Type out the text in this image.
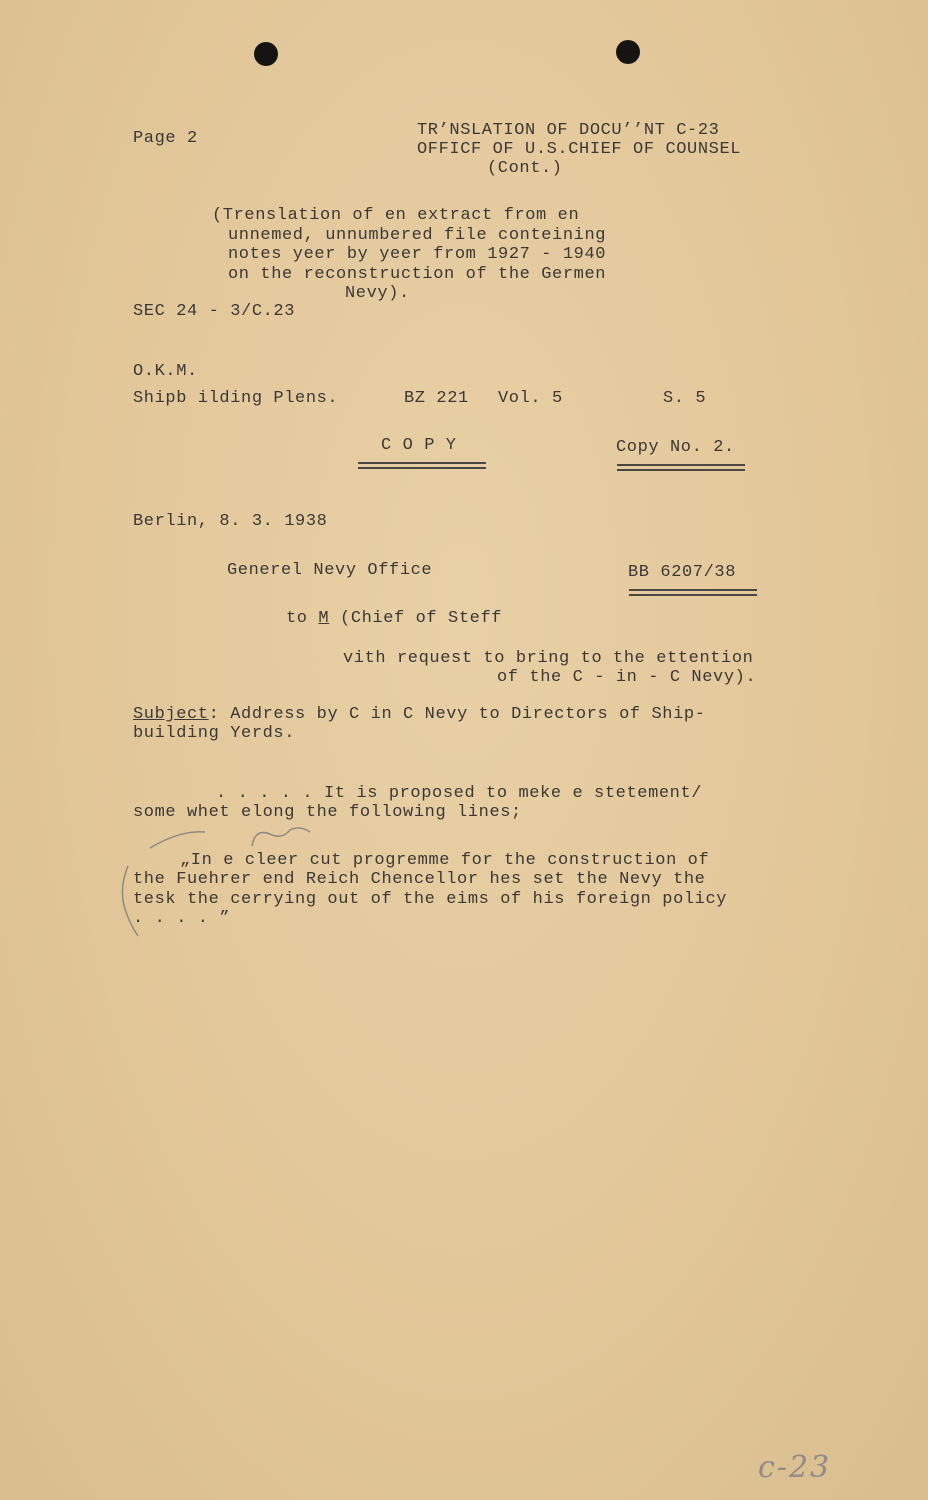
Page 2	TR’NSLATION OF DOCU’’NT C-23
OFFICF OF U.S.CHIEF OF COUNSEL
(Cont.)
(Trenslation of en extract from en
unnemed, unnumbered file conteining
notes yeer by yeer from 1927 - 1940
on the reconstruction of the Germen
Nevy).
SEC 24 - 3/C.23
O.K.M.
Shipb ilding Plens.	BZ 221 Vol. 5	S. 5
C O P Y	Copy No. 2.
Berlin, 8. 3. 1938
Generel Nevy Office	BB 6207/38
to M (Chief of Steff
vith request to bring to the ettention
of the C - in - C Nevy).
Subject: Address by C in C Nevy to Directors of Ship-
building Yerds.
. . . . . It is proposed to meke e stetement/
some whet elong the following lines;
„In e cleer cut progremme for the construction of
the Fuehrer end Reich Chencellor hes set the Nevy the
tesk the cerrying out of the eims of his foreign policy
. . . . ”
c-23
